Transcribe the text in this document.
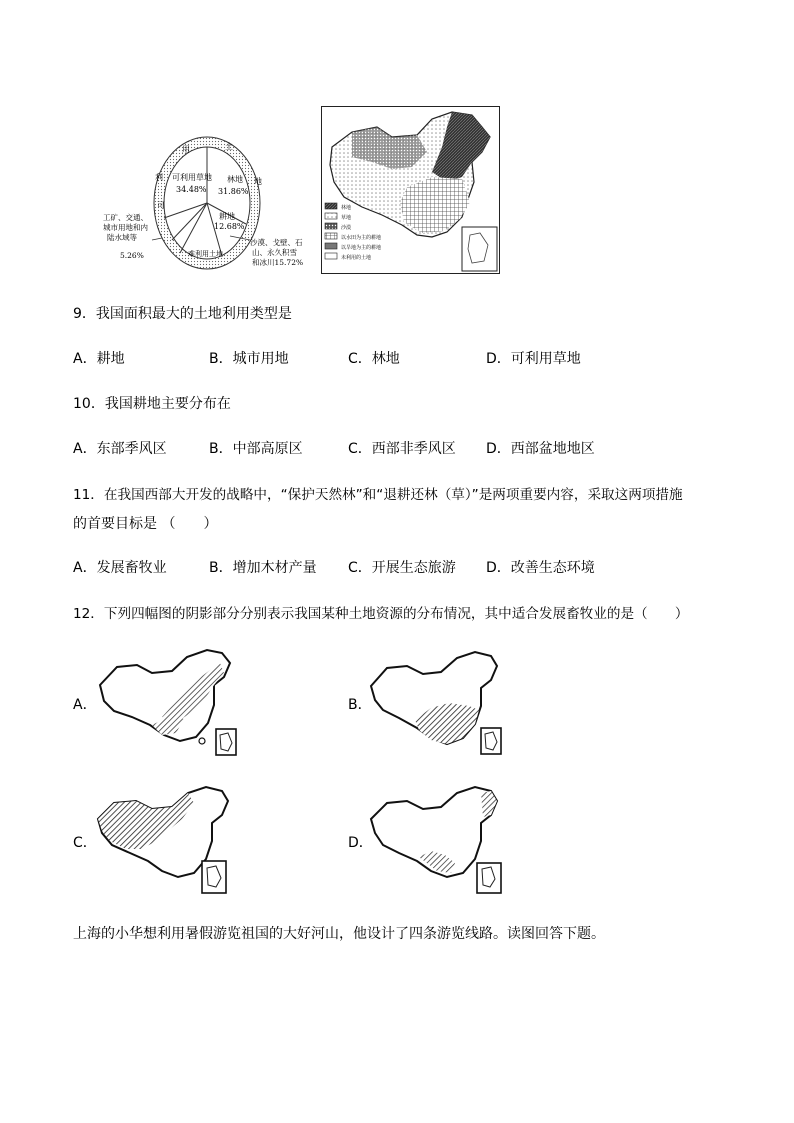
用	土
地
可
利 可利用草地
34.48%
林地
31.86%
耕地
12.68%
沙漠、戈壁、石
山、永久积雪
和冰川15.72%
难利用土地
工矿、交通、
城市用地和内
陆水域等
5.26%
林地
草地
沙漠
以水田为主的耕地
以旱地为主的耕地
未利用的土地
9．我国面积最大的土地利用类型是
A．耕地	B．城市用地	C．林地	D．可利用草地
10．我国耕地主要分布在
A．东部季风区	B．中部高原区	C．西部非季风区 D．西部盆地地区
11．在我国西部大开发的战略中，“保护天然林”和“退耕还林（草）”是两项重要内容，采取这两项措施
的首要目标是 （　　）
A．发展畜牧业	B．增加木材产量 C．开展生态旅游 D．改善生态环境
12．下列四幅图的阴影部分分别表示我国某种土地资源的分布情况，其中适合发展畜牧业的是（　　）
A．	B．
C．	D．
上海的小华想利用暑假游览祖国的大好河山，他设计了四条游览线路。读图回答下题。
